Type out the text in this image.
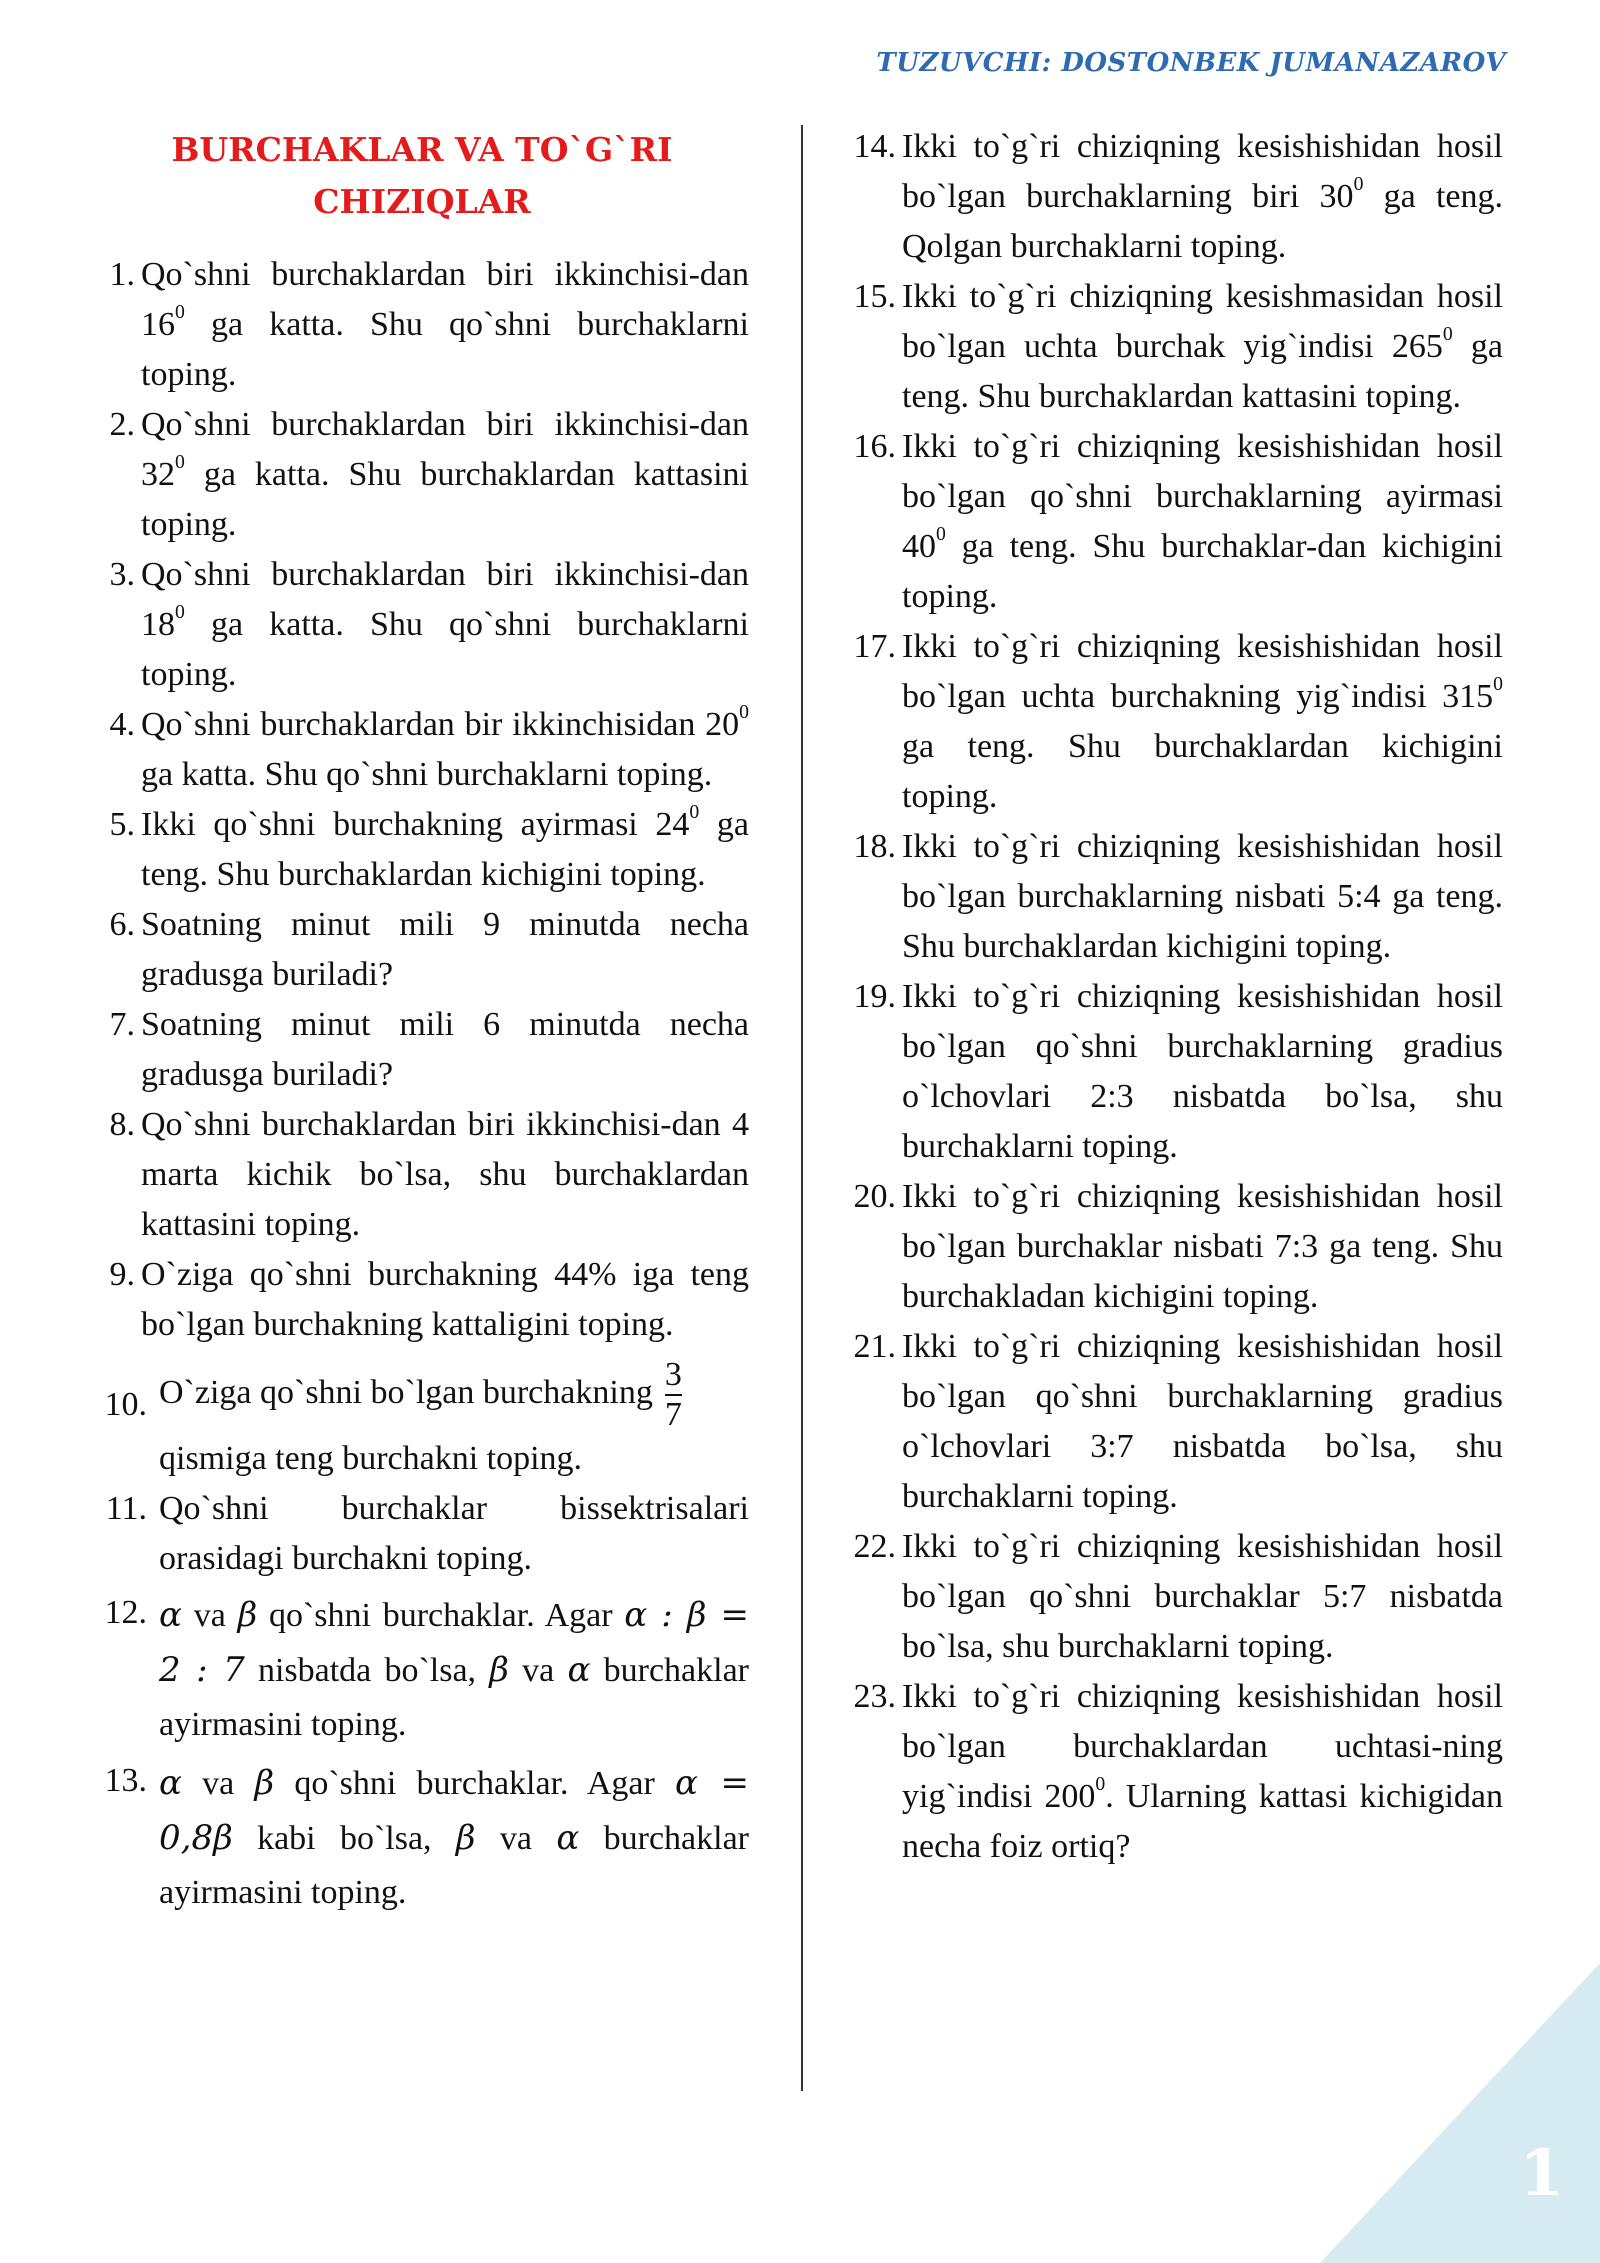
TUZUVCHI: DOSTONBEK JUMANAZAROV
BURCHAKLAR VA TO`G`RI
CHIZIQLAR
1. Qo`shni burchaklardan biri ikkinchisi-dan $16^0$ ga katta. Shu qo`shni burchaklarni toping.
2. Qo`shni burchaklardan biri ikkinchisi-dan $32^0$ ga katta. Shu burchaklardan kattasini toping.
3. Qo`shni burchaklardan biri ikkinchisi-dan $18^0$ ga katta. Shu qo`shni burchaklarni toping.
4. Qo`shni burchaklardan bir ikkinchisidan $20^0$ ga katta. Shu qo`shni burchaklarni toping.
5. Ikki qo`shni burchakning ayirmasi $24^0$ ga teng. Shu burchaklardan kichigini toping.
6. Soatning minut mili 9 minutda necha gradusga buriladi?
7. Soatning minut mili 6 minutda necha gradusga buriladi?
8. Qo`shni burchaklardan biri ikkinchisi-dan 4 marta kichik bo`lsa, shu burchaklardan kattasini toping.
9. O`ziga qo`shni burchakning 44% iga teng bo`lgan burchakning kattaligini toping.
10. O`ziga qo`shni bo`lgan burchakning $\frac{3}{7}$

qismiga teng burchakni toping.
11. Qo`shni burchaklar bissektrisalari orasidagi burchakni toping.
12. α va β qo`shni burchaklar. Agar α : β = 2 : 7 nisbatda bo`lsa, β va α burchaklar ayirmasini toping.
13. α va β qo`shni burchaklar. Agar α = 0,8β kabi bo`lsa, β va α burchaklar ayirmasini toping.
14. Ikki to`g`ri chiziqning kesishishidan hosil bo`lgan burchaklarning biri $30^0$ ga teng. Qolgan burchaklarni toping.
15. Ikki to`g`ri chiziqning kesishmasidan hosil bo`lgan uchta burchak yig`indisi $265^0$ ga teng. Shu burchaklardan kattasini toping.
16. Ikki to`g`ri chiziqning kesishishidan hosil bo`lgan qo`shni burchaklarning ayirmasi $40^0$ ga teng. Shu burchaklar-dan kichigini toping.
17. Ikki to`g`ri chiziqning kesishishidan hosil bo`lgan uchta burchakning yig`indisi $315^0$ ga teng. Shu burchaklardan kichigini toping.
18. Ikki to`g`ri chiziqning kesishishidan hosil bo`lgan burchaklarning nisbati 5:4 ga teng. Shu burchaklardan kichigini toping.
19. Ikki to`g`ri chiziqning kesishishidan hosil bo`lgan qo`shni burchaklarning gradius o`lchovlari 2:3 nisbatda bo`lsa, shu burchaklarni toping.
20. Ikki to`g`ri chiziqning kesishishidan hosil bo`lgan burchaklar nisbati 7:3 ga teng. Shu burchakladan kichigini toping.
21. Ikki to`g`ri chiziqning kesishishidan hosil bo`lgan qo`shni burchaklarning gradius o`lchovlari 3:7 nisbatda bo`lsa, shu burchaklarni toping.
22. Ikki to`g`ri chiziqning kesishishidan hosil bo`lgan qo`shni burchaklar 5:7 nisbatda bo`lsa, shu burchaklarni toping.
23. Ikki to`g`ri chiziqning kesishishidan hosil bo`lgan burchaklardan uchtasi-ning yig`indisi $200^0$. Ularning kattasi kichigidan necha foiz ortiq?
1
